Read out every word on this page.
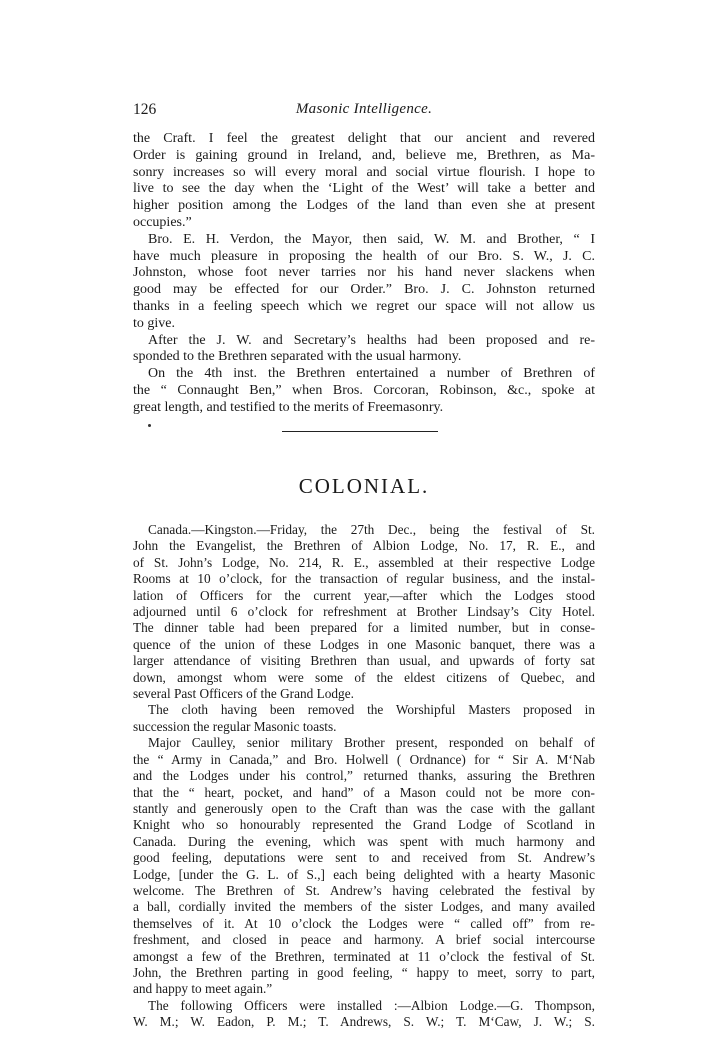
126	Masonic Intelligence.
the Craft. I feel the greatest delight that our ancient and revered
Order is gaining ground in Ireland, and, believe me, Brethren, as Ma-
sonry increases so will every moral and social virtue flourish. I hope to
live to see the day when the ‘Light of the West’ will take a better and
higher position among the Lodges of the land than even she at present
occupies.”
Bro. E. H. Verdon, the Mayor, then said, W. M. and Brother, “ I
have much pleasure in proposing the health of our Bro. S. W., J. C.
Johnston, whose foot never tarries nor his hand never slackens when
good may be effected for our Order.” Bro. J. C. Johnston returned
thanks in a feeling speech which we regret our space will not allow us
to give.
After the J. W. and Secretary’s healths had been proposed and re-
sponded to the Brethren separated with the usual harmony.
On the 4th inst. the Brethren entertained a number of Brethren of
the “ Connaught Ben,” when Bros. Corcoran, Robinson, &c., spoke at
great length, and testified to the merits of Freemasonry.
COLONIAL.
Canada.—Kingston.—Friday, the 27th Dec., being the festival of St.
John the Evangelist, the Brethren of Albion Lodge, No. 17, R. E., and
of St. John’s Lodge, No. 214, R. E., assembled at their respective Lodge
Rooms at 10 o’clock, for the transaction of regular business, and the instal-
lation of Officers for the current year,—after which the Lodges stood
adjourned until 6 o’clock for refreshment at Brother Lindsay’s City Hotel.
The dinner table had been prepared for a limited number, but in conse-
quence of the union of these Lodges in one Masonic banquet, there was a
larger attendance of visiting Brethren than usual, and upwards of forty sat
down, amongst whom were some of the eldest citizens of Quebec, and
several Past Officers of the Grand Lodge.
The cloth having been removed the Worshipful Masters proposed in
succession the regular Masonic toasts.
Major Caulley, senior military Brother present, responded on behalf of
the “ Army in Canada,” and Bro. Holwell ( Ordnance) for “ Sir A. M‘Nab
and the Lodges under his control,” returned thanks, assuring the Brethren
that the “ heart, pocket, and hand” of a Mason could not be more con-
stantly and generously open to the Craft than was the case with the gallant
Knight who so honourably represented the Grand Lodge of Scotland in
Canada. During the evening, which was spent with much harmony and
good feeling, deputations were sent to and received from St. Andrew’s
Lodge, [under the G. L. of S.,] each being delighted with a hearty Masonic
welcome. The Brethren of St. Andrew’s having celebrated the festival by
a ball, cordially invited the members of the sister Lodges, and many availed
themselves of it. At 10 o’clock the Lodges were “ called off” from re-
freshment, and closed in peace and harmony. A brief social intercourse
amongst a few of the Brethren, terminated at 11 o’clock the festival of St.
John, the Brethren parting in good feeling, “ happy to meet, sorry to part,
and happy to meet again.”
The following Officers were installed :—Albion Lodge.—G. Thompson,
W. M.; W. Eadon, P. M.; T. Andrews, S. W.; T. M‘Caw, J. W.; S.
